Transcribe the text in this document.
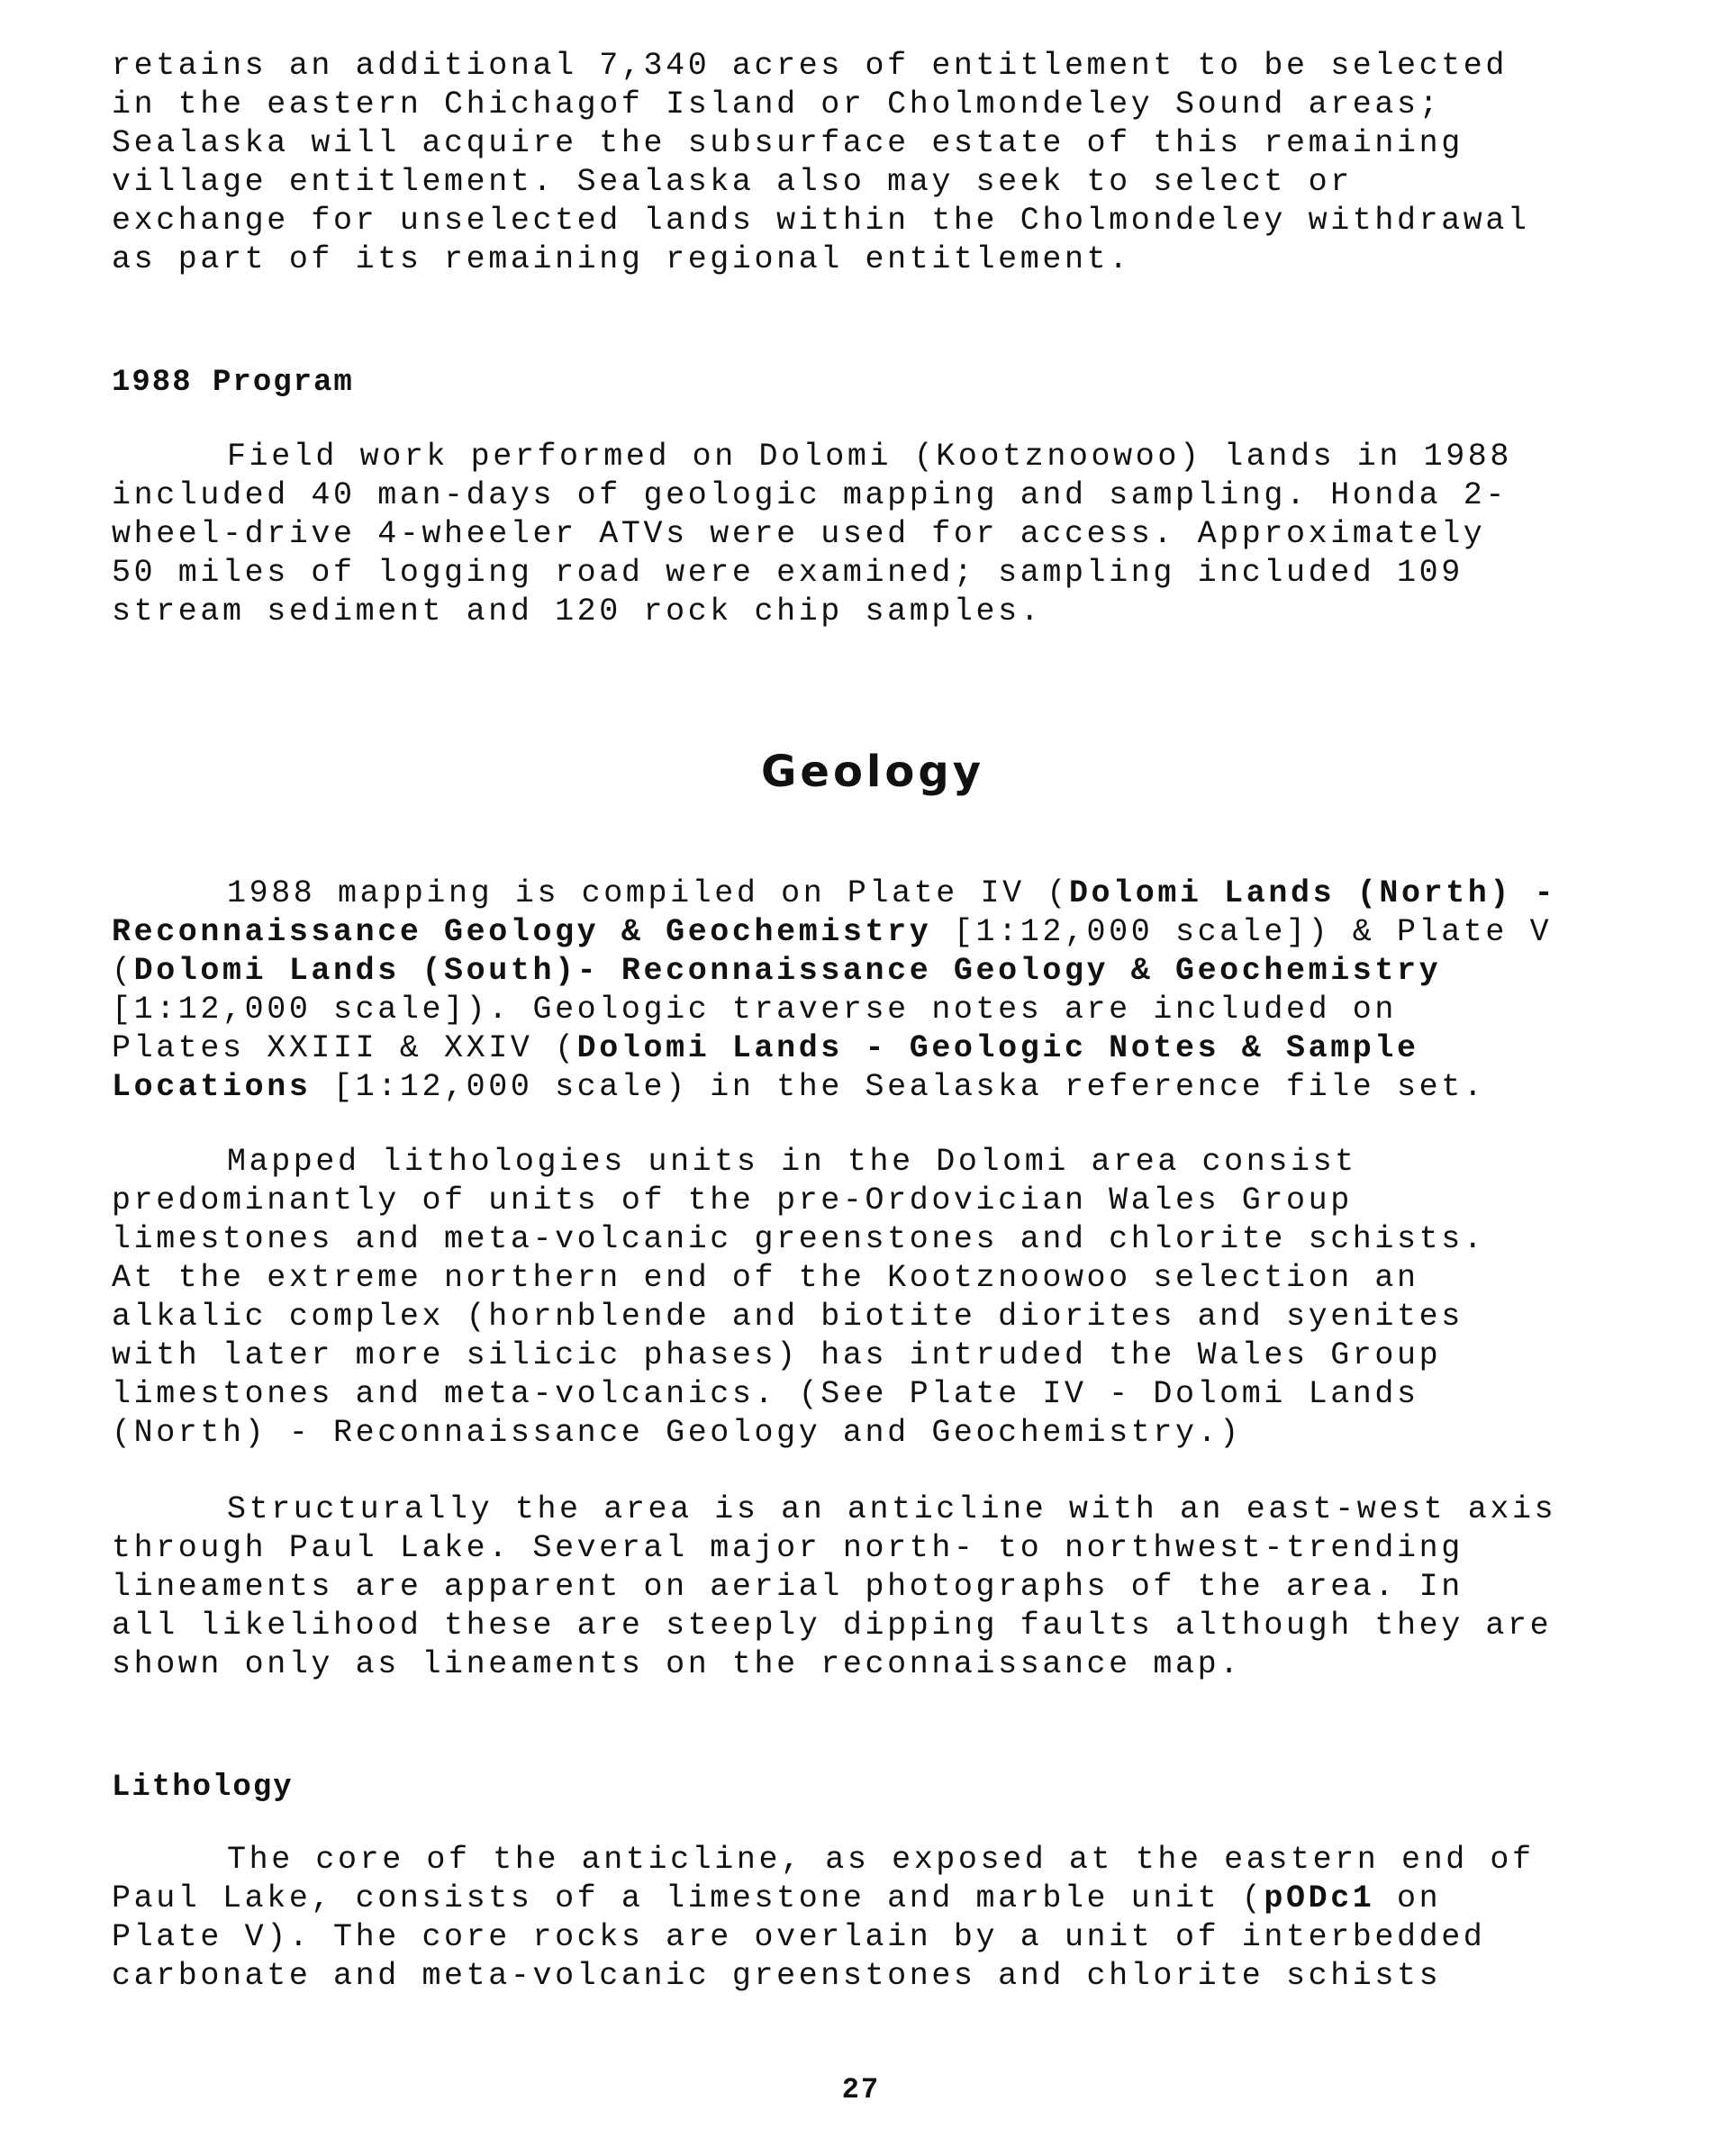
retains an additional 7,340 acres of entitlement to be selected
in the eastern Chichagof Island or Cholmondeley Sound areas;
Sealaska will acquire the subsurface estate of this remaining
village entitlement. Sealaska also may seek to select or
exchange for unselected lands within the Cholmondeley withdrawal
as part of its remaining regional entitlement.

1988 Program

Field work performed on Dolomi (Kootznoowoo) lands in 1988
included 40 man-days of geologic mapping and sampling. Honda 2-
wheel-drive 4-wheeler ATVs were used for access. Approximately
50 miles of logging road were examined; sampling included 109
stream sediment and 120 rock chip samples.

Geology

1988 mapping is compiled on Plate IV (Dolomi Lands (North) -
Reconnaissance Geology & Geochemistry [1:12,000 scale]) & Plate V
(Dolomi Lands (South)- Reconnaissance Geology & Geochemistry
[1:12,000 scale]). Geologic traverse notes are included on
Plates XXIII & XXIV (Dolomi Lands - Geologic Notes & Sample
Locations [1:12,000 scale) in the Sealaska reference file set.

Mapped lithologies units in the Dolomi area consist
predominantly of units of the pre-Ordovician Wales Group
limestones and meta-volcanic greenstones and chlorite schists.
At the extreme northern end of the Kootznoowoo selection an
alkalic complex (hornblende and biotite diorites and syenites
with later more silicic phases) has intruded the Wales Group
limestones and meta-volcanics. (See Plate IV - Dolomi Lands
(North) - Reconnaissance Geology and Geochemistry.)

Structurally the area is an anticline with an east-west axis
through Paul Lake. Several major north- to northwest-trending
lineaments are apparent on aerial photographs of the area. In
all likelihood these are steeply dipping faults although they are
shown only as lineaments on the reconnaissance map.

Lithology

The core of the anticline, as exposed at the eastern end of
Paul Lake, consists of a limestone and marble unit (pODc1 on
Plate V). The core rocks are overlain by a unit of interbedded
carbonate and meta-volcanic greenstones and chlorite schists

27
